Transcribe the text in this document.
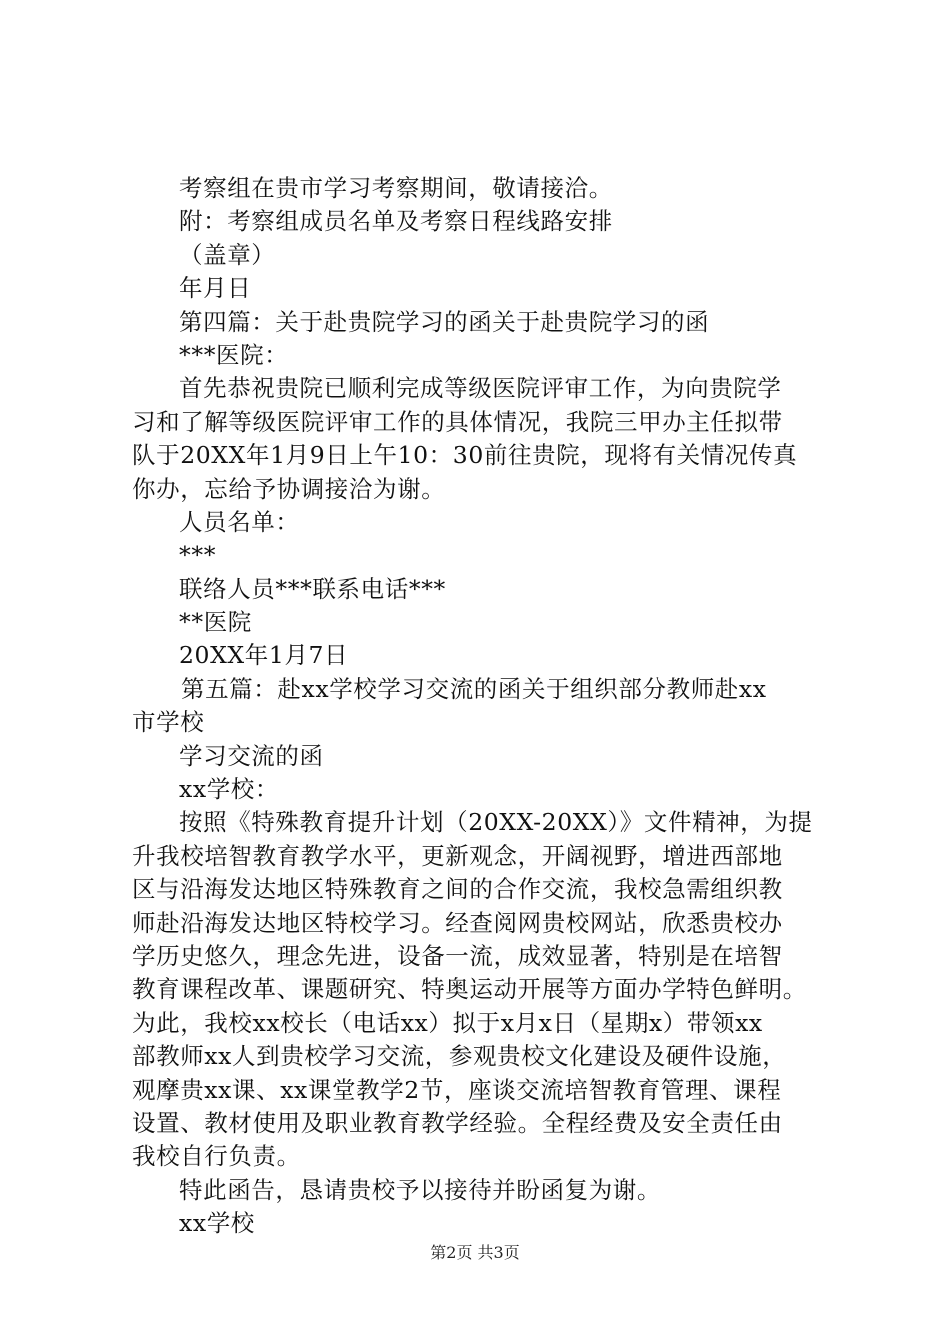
考察组在贵市学习考察期间，敬请接洽。
附：考察组成员名单及考察日程线路安排
（盖章）
年月日
第四篇：关于赴贵院学习的函关于赴贵院学习的函
***医院：
首先恭祝贵院已顺利完成等级医院评审工作，为向贵院学
习和了解等级医院评审工作的具体情况，我院三甲办主任拟带
队于20XX年1月9日上午10：30前往贵院，现将有关情况传真
你办，忘给予协调接洽为谢。
人员名单：
***
联络人员***联系电话***
**医院
20XX年1月7日
第五篇：赴xx学校学习交流的函关于组织部分教师赴xx
市学校
学习交流的函
xx学校：
按照《特殊教育提升计划（20XX-20XX）》文件精神，为提
升我校培智教育教学水平，更新观念，开阔视野，增进西部地
区与沿海发达地区特殊教育之间的合作交流，我校急需组织教
师赴沿海发达地区特校学习。经查阅网贵校网站，欣悉贵校办
学历史悠久，理念先进，设备一流，成效显著，特别是在培智
教育课程改革、课题研究、特奥运动开展等方面办学特色鲜明。
为此，我校xx校长（电话xx）拟于x月x日（星期x）带领xx
部教师xx人到贵校学习交流，参观贵校文化建设及硬件设施，
观摩贵xx课、xx课堂教学2节，座谈交流培智教育管理、课程
设置、教材使用及职业教育教学经验。全程经费及安全责任由
我校自行负责。
特此函告，恳请贵校予以接待并盼函复为谢。
xx学校
第2页 共3页
